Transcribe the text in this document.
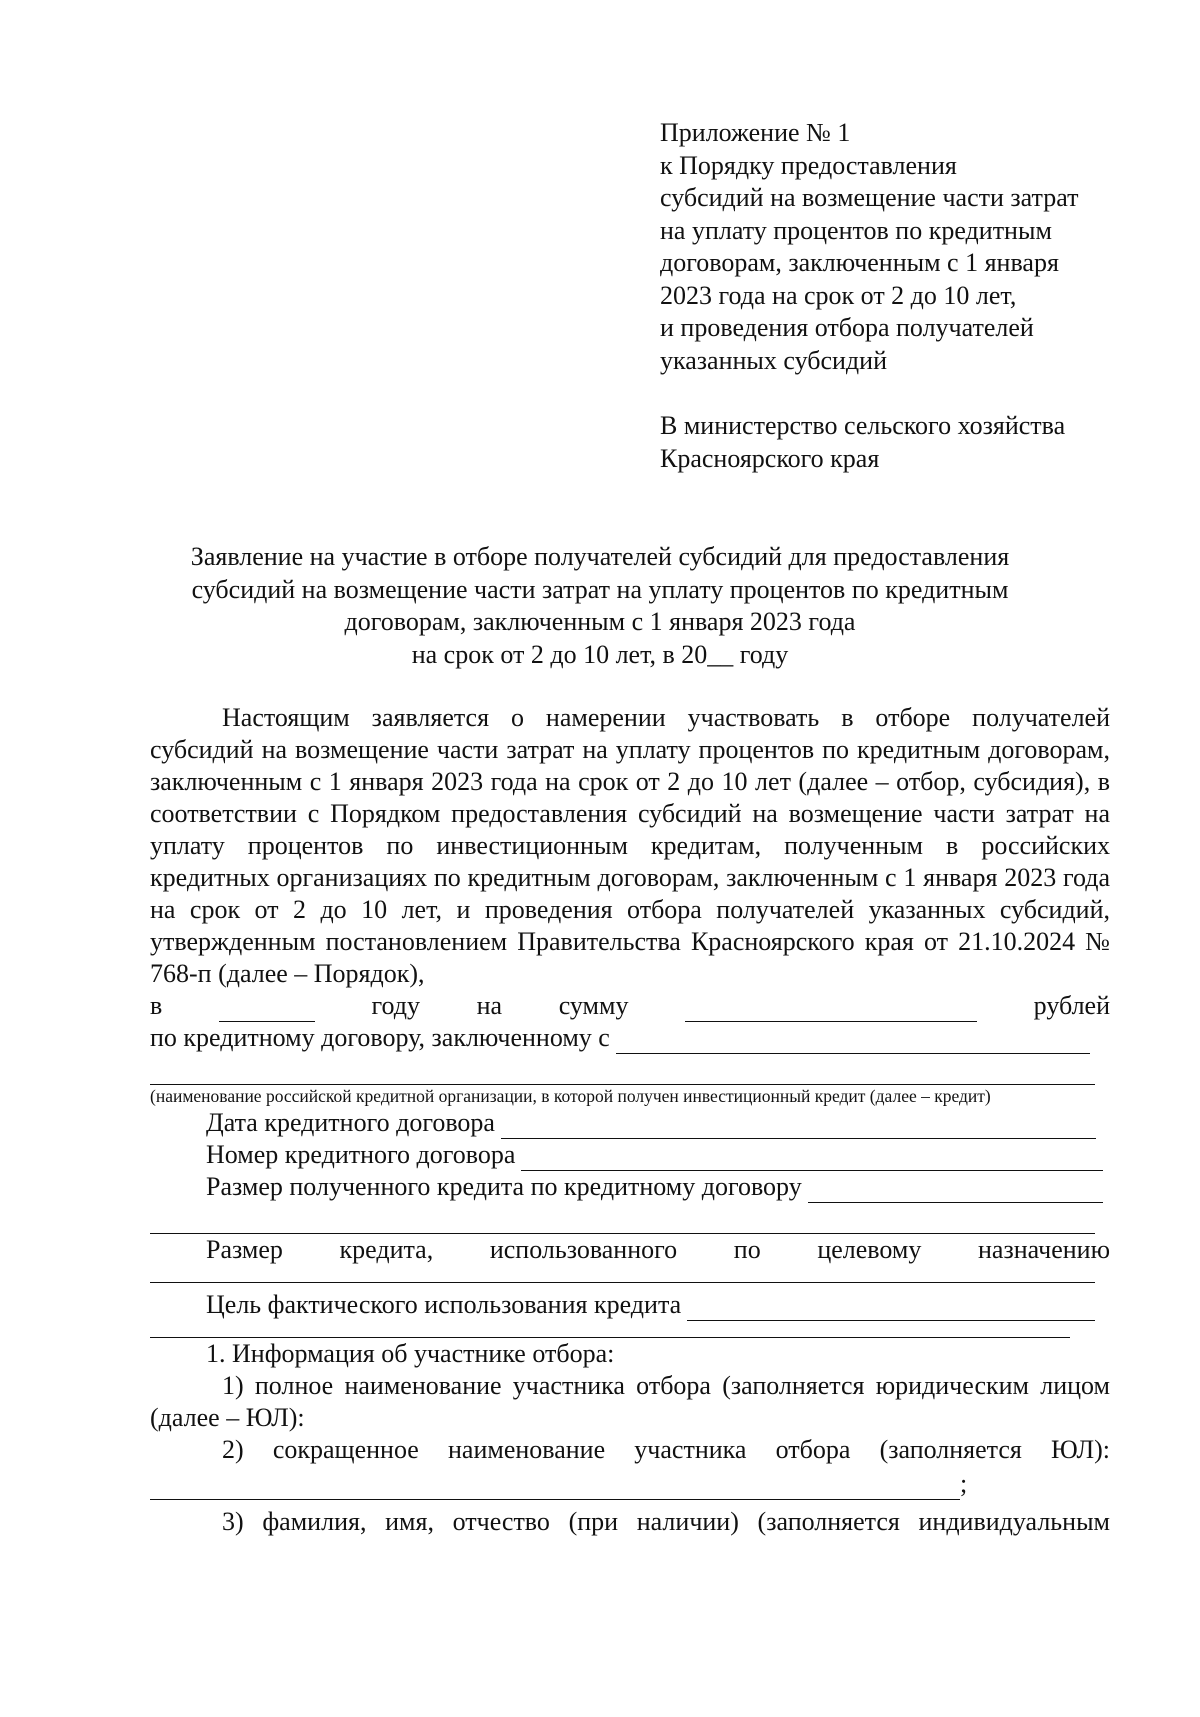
Приложение № 1
к Порядку предоставления
субсидий на возмещение части затрат
на уплату процентов по кредитным
договорам, заключенным с 1 января
2023 года на срок от 2 до 10 лет,
и проведения отбора получателей
указанных субсидий
В министерство сельского хозяйства
Красноярского края
Заявление на участие в отборе получателей субсидий для предоставления
субсидий на возмещение части затрат на уплату процентов по кредитным
договорам, заключенным с 1 января 2023 года
на срок от 2 до 10 лет, в 20__ году
Настоящим заявляется о намерении участвовать в отборе получателей субсидий на возмещение части затрат на уплату процентов по кредитным договорам, заключенным с 1 января 2023 года на срок от 2 до 10 лет (далее – отбор, субсидия), в соответствии с Порядком предоставления субсидий на возмещение части затрат на уплату процентов по инвестиционным кредитам, полученным в российских кредитных организациях по кредитным договорам, заключенным с 1 января 2023 года на срок от 2 до 10 лет, и проведения отбора получателей указанных субсидий, утвержденным постановлением Правительства Красноярского края от 21.10.2024 № 768-п (далее – Порядок),
в	году на сумму	рублей
по кредитному договору, заключенному с
(наименование российской кредитной организации, в которой получен инвестиционный кредит (далее – кредит)
Дата кредитного договора
Номер кредитного договора
Размер полученного кредита по кредитному договору
Размер кредита, использованного по целевому назначению
Цель фактического использования кредита
1. Информация об участнике отбора:
1) полное наименование участника отбора (заполняется юридическим лицом (далее – ЮЛ):
2) сокращенное наименование участника отбора (заполняется ЮЛ):
;
3) фамилия, имя, отчество (при наличии) (заполняется индивидуальным
